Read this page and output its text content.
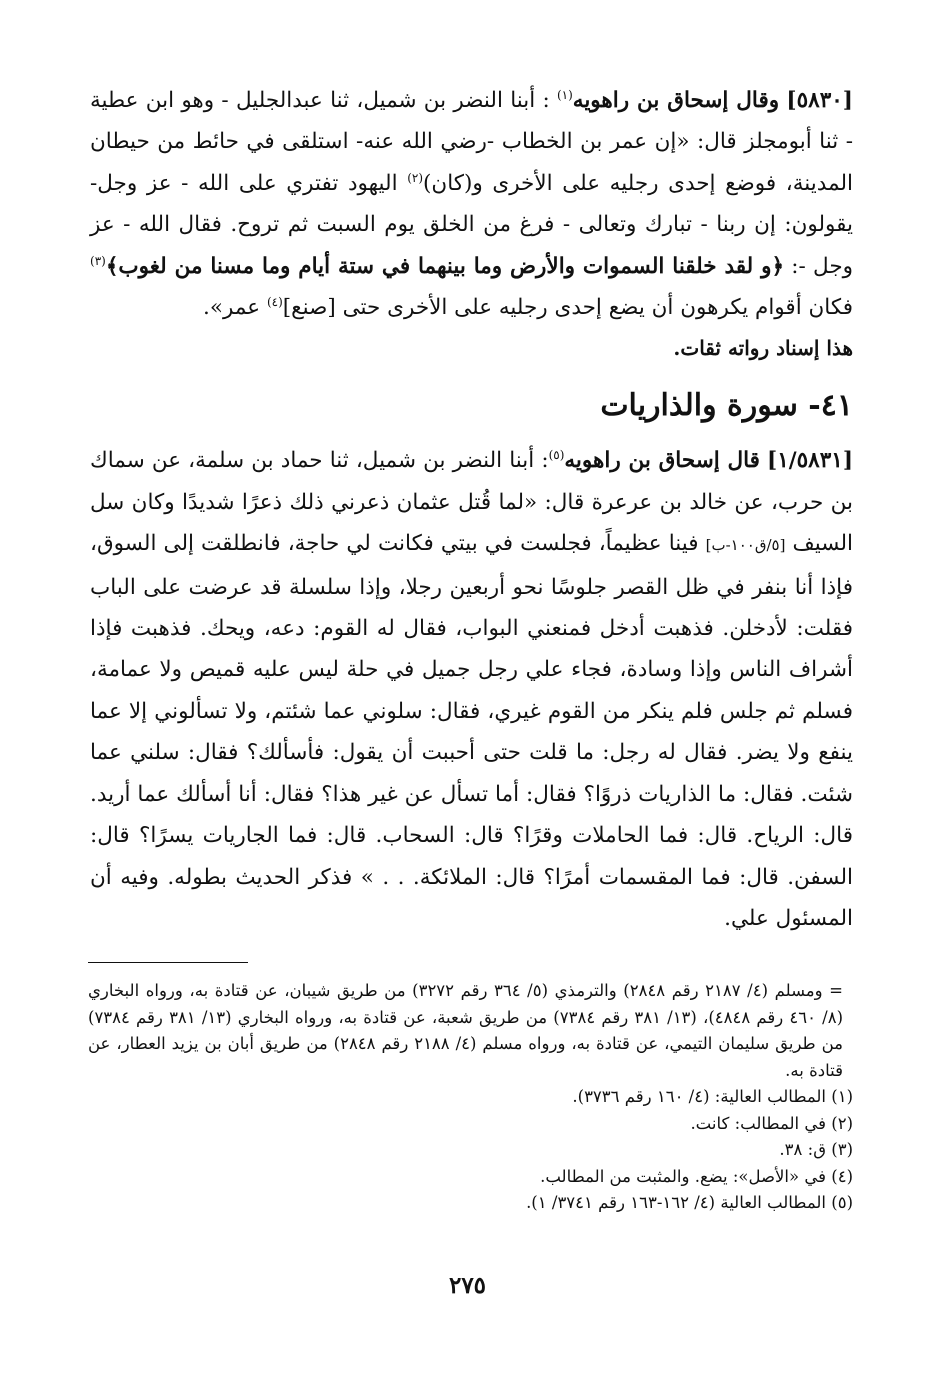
[٥٨٣٠] وقال إسحاق بن راهويه$^{(١)}$ : أبنا النضر بن شميل، ثنا عبدالجليل - وهو ابن عطية - ثنا أبومجلز قال: «إن عمر بن الخطاب -رضي الله عنه- استلقى في حائط من حيطان المدينة، فوضع إحدى رجليه على الأخرى و(كان)$^{(٢)}$ اليهود تفتري على الله - عز وجل- يقولون: إن ربنا - تبارك وتعالى - فرغ من الخلق يوم السبت ثم تروح. فقال الله - عز وجل -: ﴿و لقد خلقنا السموات والأرض وما بينهما في ستة أيام وما مسنا من لغوب﴾$^{(٣)}$ فكان أقوام يكرهون أن يضع إحدى رجليه على الأخرى حتى [صنع]$^{(٤)}$ عمر».

هذا إسناد رواته ثقات.

٤١- سورة والذاريات

[١/٥٨٣١] قال إسحاق بن راهويه$^{(٥)}$: أبنا النضر بن شميل، ثنا حماد بن سلمة، عن سماك بن حرب، عن خالد بن عرعرة قال: «لما قُتل عثمان ذعرني ذلك ذعرًا شديدًا وكان سل السيف [٥/ق١٠٠-ب] فينا عظيماً، فجلست في بيتي فكانت لي حاجة، فانطلقت إلى السوق، فإذا أنا بنفر في ظل القصر جلوسًا نحو أربعين رجلا، وإذا سلسلة قد عرضت على الباب فقلت: لأدخلن. فذهبت أدخل فمنعني البواب، فقال له القوم: دعه، ويحك. فذهبت فإذا أشراف الناس وإذا وسادة، فجاء علي رجل جميل في حلة ليس عليه قميص ولا عمامة، فسلم ثم جلس فلم ينكر من القوم غيري، فقال: سلوني عما شئتم، ولا تسألوني إلا عما ينفع ولا يضر. فقال له رجل: ما قلت حتى أحببت أن يقول: فأسألك؟ فقال: سلني عما شئت. فقال: ما الذاريات ذروًا؟ فقال: أما تسأل عن غير هذا؟ فقال: أنا أسألك عما أريد. قال: الرياح. قال: فما الحاملات وقرًا؟ قال: السحاب. قال: فما الجاريات يسرًا؟ قال: السفن. قال: فما المقسمات أمرًا؟ قال: الملائكة. . . » فذكر الحديث بطوله. وفيه أن المسئول علي.

= ومسلم (٤/ ٢١٨٧ رقم ٢٨٤٨) والترمذي (٥/ ٣٦٤ رقم ٣٢٧٢) من طريق شيبان، عن قتادة به، ورواه البخاري (٨/ ٤٦٠ رقم ٤٨٤٨)، (١٣/ ٣٨١ رقم ٧٣٨٤) من طريق شعبة، عن قتادة به، ورواه البخاري (١٣/ ٣٨١ رقم ٧٣٨٤) من طريق سليمان التيمي، عن قتادة به، ورواه مسلم (٤/ ٢١٨٨ رقم ٢٨٤٨) من طريق أبان بن يزيد العطار، عن قتادة به.

(١) المطالب العالية: (٤/ ١٦٠ رقم ٣٧٣٦).

(٢) في المطالب: كانت.

(٣) ق: ٣٨.

(٤) في «الأصل»: يضع. والمثبت من المطالب.

(٥) المطالب العالية (٤/ ١٦٢-١٦٣ رقم ٣٧٤١/ ١).

٢٧٥
